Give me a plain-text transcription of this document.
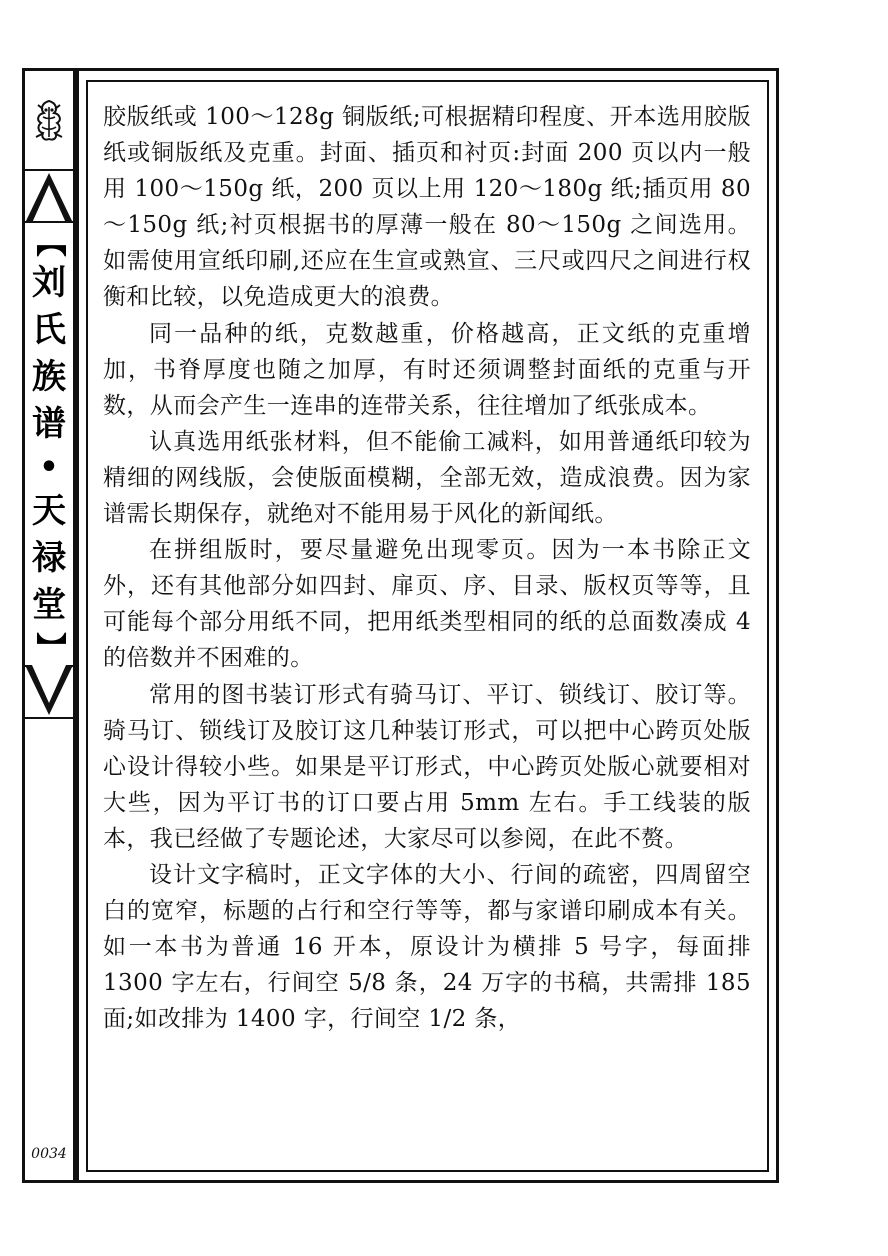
【
刘
氏
族
谱
•
天
禄
堂
】
0034

胶版纸或 100～128g 铜版纸;可根据精印程度、开本选用胶版纸或铜版纸及克重。封面、插页和衬页:封面 200 页以内一般用 100～150g 纸，200 页以上用 120～180g 纸;插页用 80～150g 纸;衬页根据书的厚薄一般在 80～150g 之间选用。如需使用宣纸印刷,还应在生宣或熟宣、三尺或四尺之间进行权衡和比较，以免造成更大的浪费。

同一品种的纸，克数越重，价格越高，正文纸的克重增加，书脊厚度也随之加厚，有时还须调整封面纸的克重与开数，从而会产生一连串的连带关系，往往增加了纸张成本。

认真选用纸张材料，但不能偷工减料，如用普通纸印较为精细的网线版，会使版面模糊，全部无效，造成浪费。因为家谱需长期保存，就绝对不能用易于风化的新闻纸。

在拼组版时，要尽量避免出现零页。因为一本书除正文外，还有其他部分如四封、扉页、序、目录、版权页等等，且可能每个部分用纸不同，把用纸类型相同的纸的总面数凑成 4 的倍数并不困难的。

常用的图书装订形式有骑马订、平订、锁线订、胶订等。骑马订、锁线订及胶订这几种装订形式，可以把中心跨页处版心设计得较小些。如果是平订形式，中心跨页处版心就要相对大些，因为平订书的订口要占用 5mm 左右。手工线装的版本，我已经做了专题论述，大家尽可以参阅，在此不赘。

设计文字稿时，正文字体的大小、行间的疏密，四周留空白的宽窄，标题的占行和空行等等，都与家谱印刷成本有关。如一本书为普通 16 开本，原设计为横排 5 号字，每面排 1300 字左右，行间空 5/8 条，24 万字的书稿，共需排 185 面;如改排为 1400 字，行间空 1/2 条，
